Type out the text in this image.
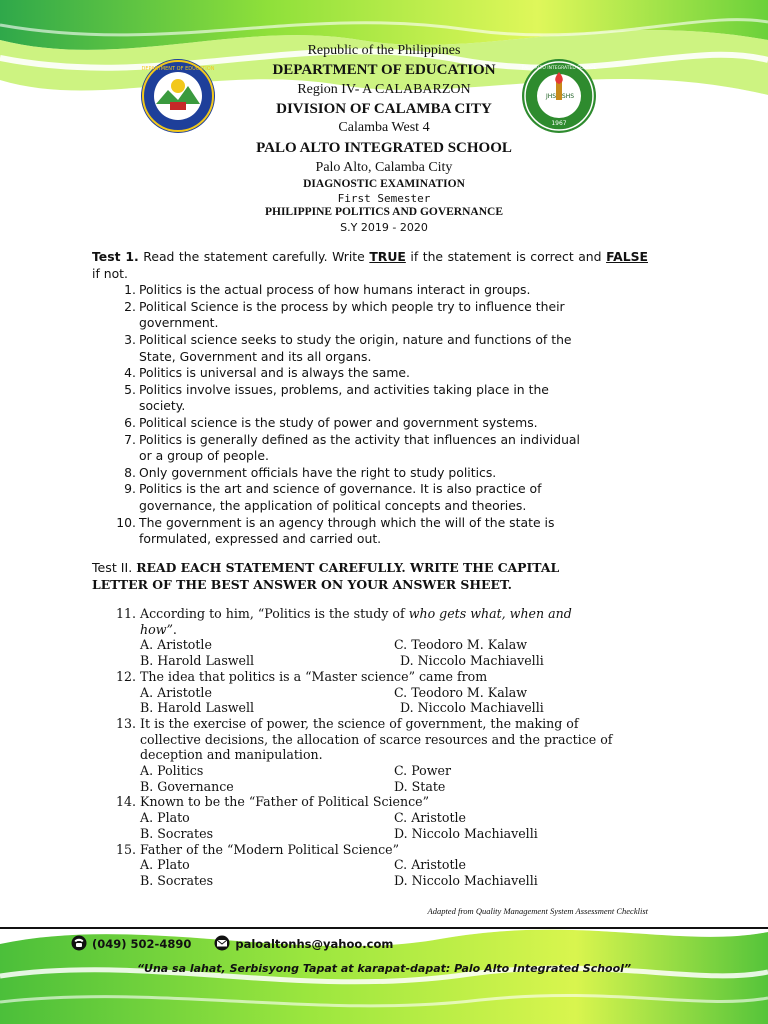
DEPARTMENT OF EDUCATION
JHS SHS
1967
PALO ALTO INTEGRATED SCHOOL
Republic of the Philippines
DEPARTMENT OF EDUCATION
Region IV- A CALABARZON
DIVISION OF CALAMBA CITY
Calamba West 4
PALO ALTO INTEGRATED SCHOOL
Palo Alto, Calamba City
DIAGNOSTIC EXAMINATION
First Semester
PHILIPPINE POLITICS AND GOVERNANCE
S.Y 2019 - 2020
Test 1. Read the statement carefully. Write TRUE if the statement is correct and FALSE if not.
1. Politics is the actual process of how humans interact in groups.
2. Political Science is the process by which people try to influence their
government.
3. Political science seeks to study the origin, nature and functions of the
State, Government and its all organs.
4. Politics is universal and is always the same.
5. Politics involve issues, problems, and activities taking place in the
society.
6. Political science is the study of power and government systems.
7. Politics is generally defined as the activity that influences an individual
or a group of people.
8. Only government officials have the right to study politics.
9. Politics is the art and science of governance. It is also practice of
governance, the application of political concepts and theories.
10. The government is an agency through which the will of the state is
formulated, expressed and carried out.
Test II. READ EACH STATEMENT CAREFULLY. WRITE THE CAPITAL
LETTER OF THE BEST ANSWER ON YOUR ANSWER SHEET.
11. According to him, “Politics is the study of who gets what, when and
how”.
A. Aristotle	C. Teodoro M. Kalaw
B. Harold Laswell	D. Niccolo Machiavelli
12. The idea that politics is a “Master science” came from
A. Aristotle	C. Teodoro M. Kalaw
B. Harold Laswell	D. Niccolo Machiavelli
13. It is the exercise of power, the science of government, the making of
collective decisions, the allocation of scarce resources and the practice of
deception and manipulation.
A. Politics	C. Power
B. Governance	D. State
14. Known to be the “Father of Political Science”
A. Plato	C. Aristotle
B. Socrates	D. Niccolo Machiavelli
15. Father of the “Modern Political Science”
A. Plato	C. Aristotle
B. Socrates	D. Niccolo Machiavelli
Adapted from Quality Management System Assessment Checklist
(049) 502-4890	paloaltonhs@yahoo.com
“Una sa lahat, Serbisyong Tapat at karapat-dapat: Palo Alto Integrated School”
